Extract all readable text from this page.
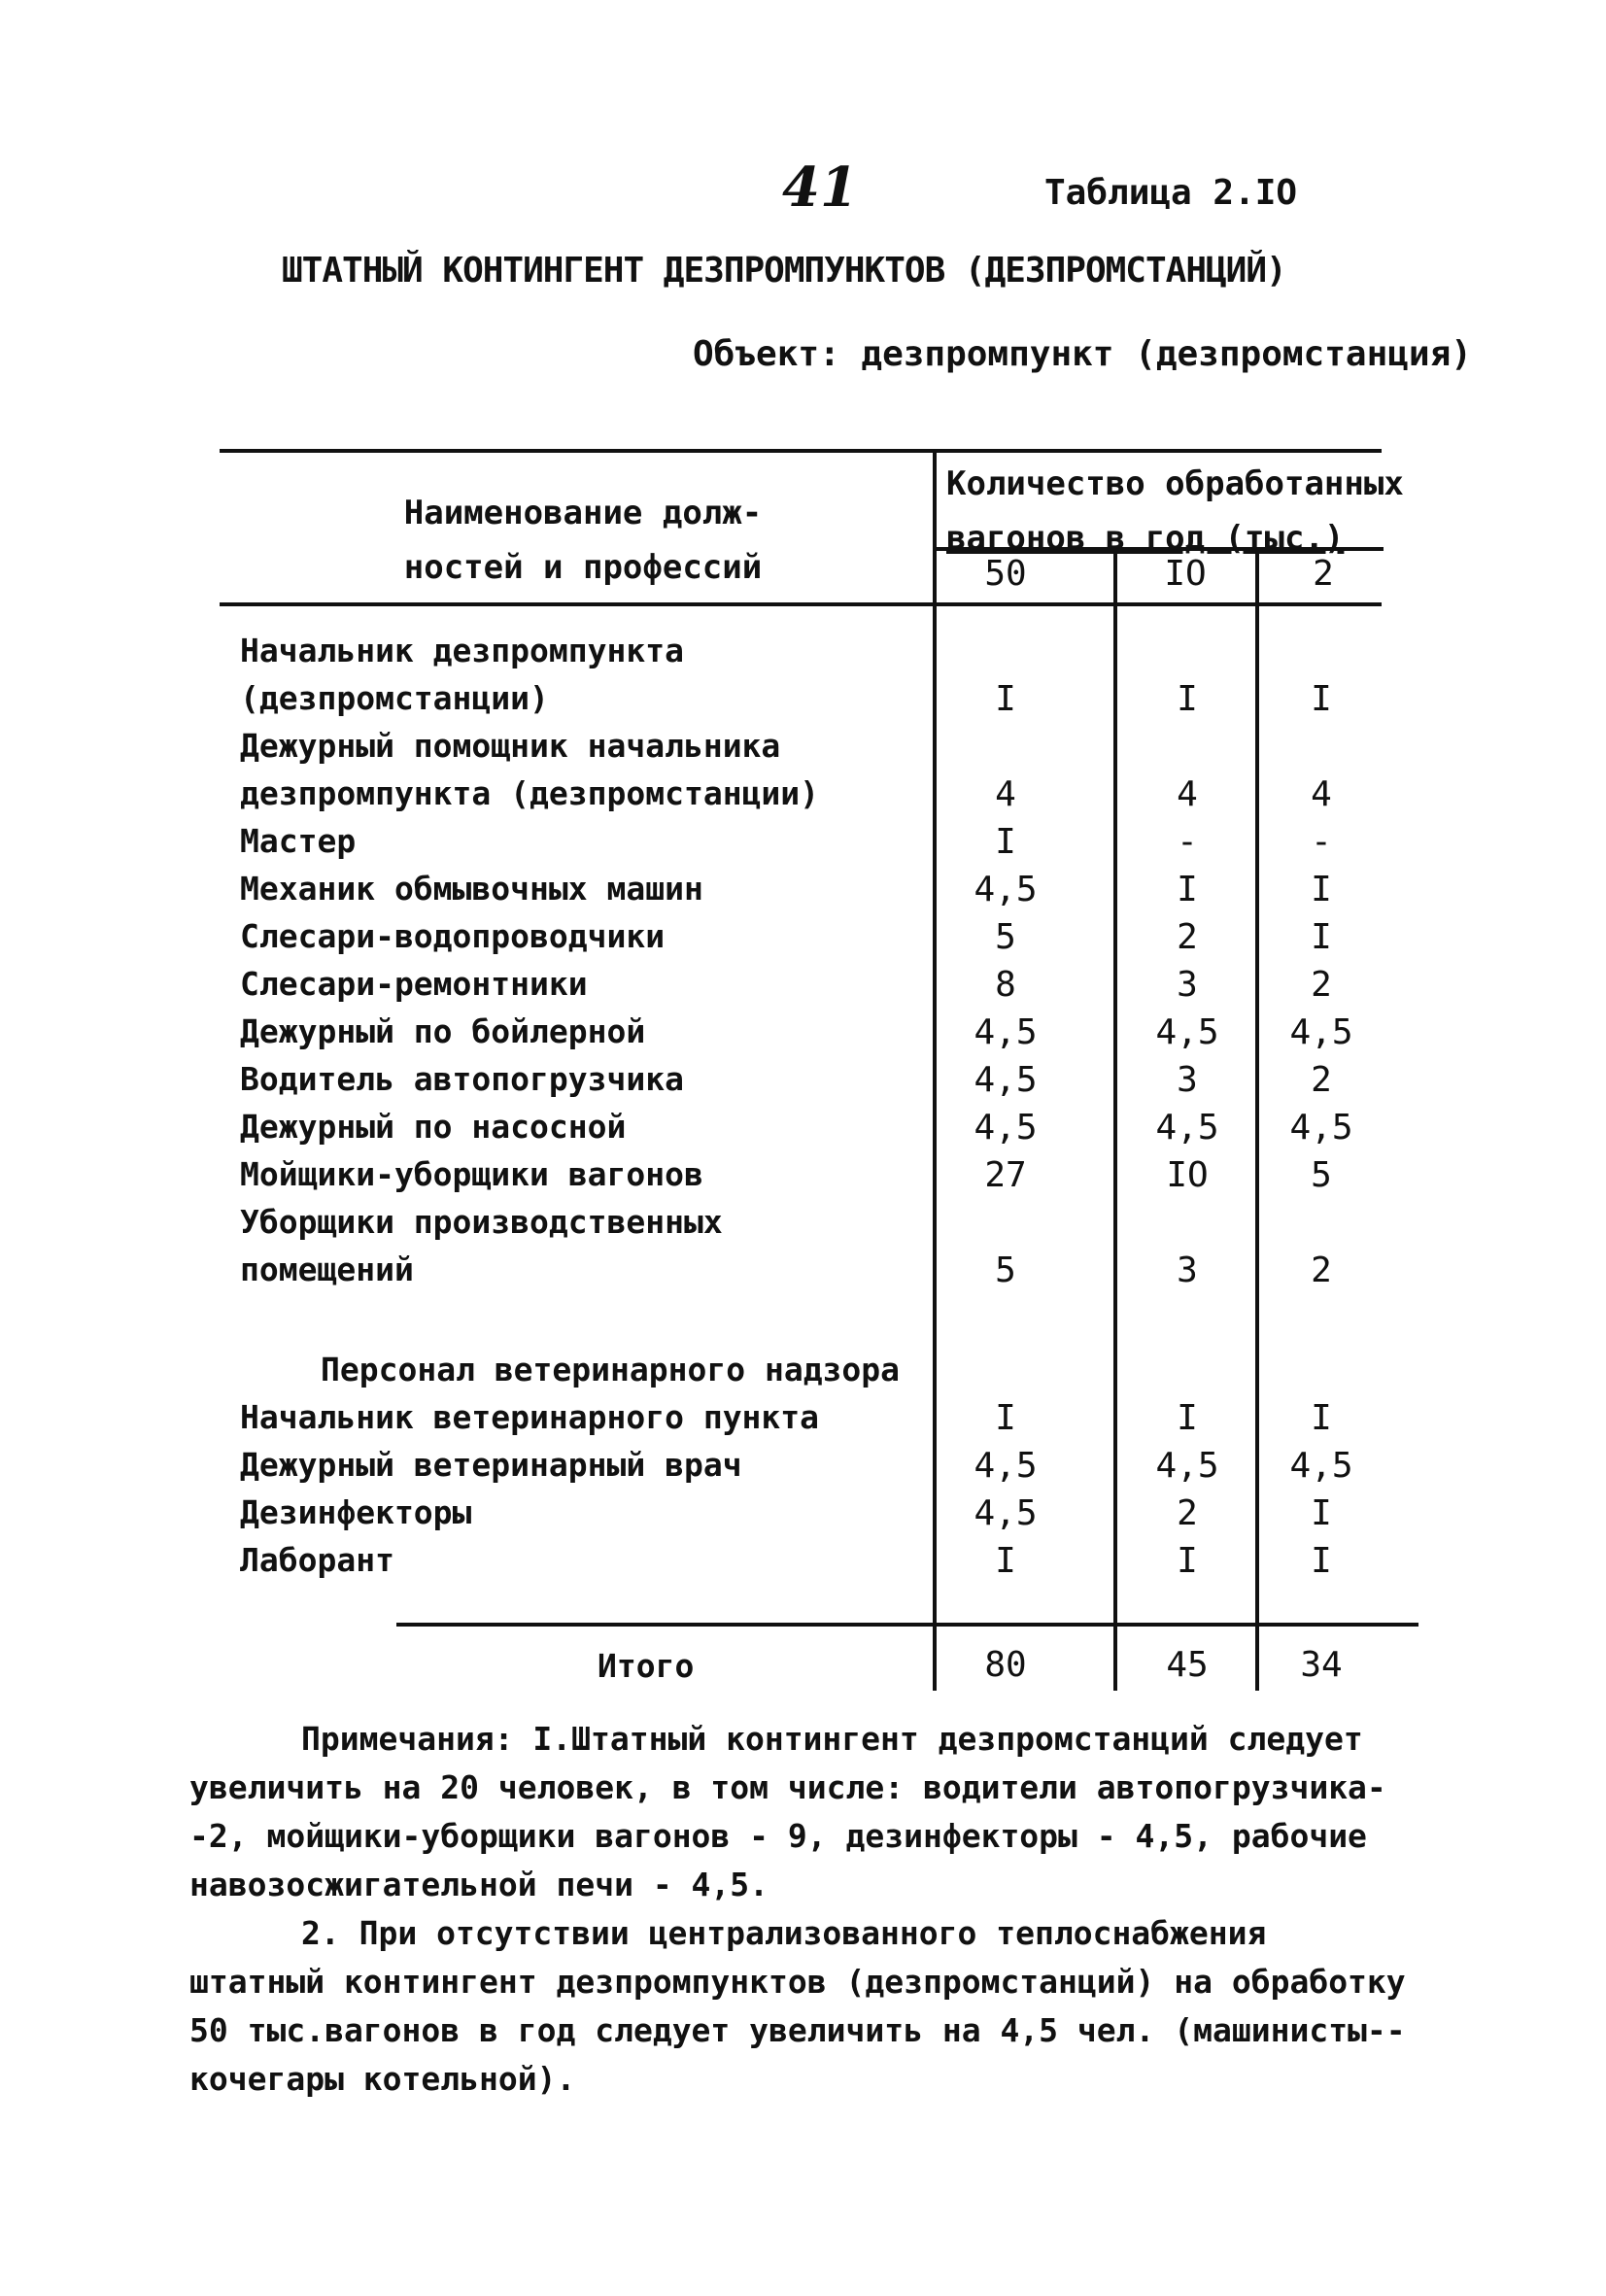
41	Таблица 2.IO
ШТАТНЫЙ КОНТИНГЕНТ ДЕЗПРОМПУНКТОВ (ДЕЗПРОМСТАНЦИЙ)
Объект: дезпромпункт (дезпромстанция)
Наименование долж-
ностей и профессий
Количество обработанных
вагонов в год (тыс.)
50	IO	2
Начальник дезпромпункта
(дезпромстанции)	I	I	I
Дежурный помощник начальника
дезпромпункта (дезпромстанции)	4	4	4
Мастер	I	-	-
Механик обмывочных машин	4,5	I	I
Слесари-водопроводчики	5	2	I
Слесари-ремонтники	8	3	2
Дежурный по бойлерной	4,5	4,5	4,5
Водитель автопогрузчика	4,5	3	2
Дежурный по насосной	4,5	4,5	4,5
Мойщики-уборщики вагонов	27	IO	5
Уборщики производственных
помещений	5	3	2
Персонал ветеринарного надзора
Начальник ветеринарного пункта	I	I	I
Дежурный ветеринарный врач	4,5	4,5	4,5
Дезинфекторы	4,5	2	I
Лаборант	I	I	I
Итого	80	45	34

Примечания: I.Штатный контингент дезпромстанций следует увеличить на 20 человек, в том числе: водители автопогрузчика--2, мойщики-уборщики вагонов - 9, дезинфекторы - 4,5, рабочие навозосжигательной печи - 4,5.

2. При отсутствии централизованного теплоснабжения штатный контингент дезпромпунктов (дезпромстанций) на обработку 50 тыс.вагонов в год следует увеличить на 4,5 чел. (машинисты--кочегары котельной).
